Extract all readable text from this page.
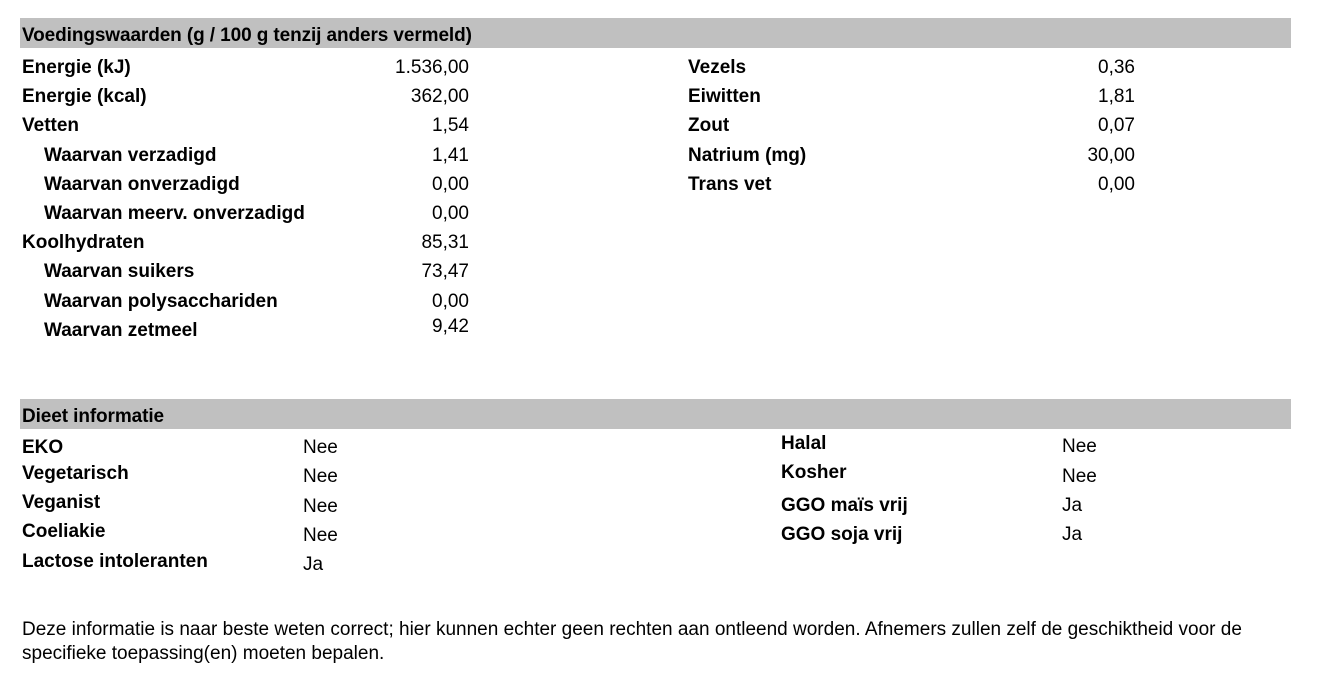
Voedingswaarden (g / 100 g tenzij anders vermeld)
Energie (kJ)	1.536,00
Energie (kcal)	362,00
Vetten	1,54
Waarvan verzadigd	1,41
Waarvan onverzadigd	0,00
Waarvan meerv. onverzadigd	0,00
Koolhydraten	85,31
Waarvan suikers	73,47
Waarvan polysacchariden	0,00
Waarvan zetmeel	9,42
Vezels	0,36
Eiwitten	1,81
Zout	0,07
Natrium (mg)	30,00
Trans vet	0,00
Dieet informatie
EKO	Nee
Vegetarisch	Nee
Veganist	Nee
Coeliakie	Nee
Lactose intoleranten	Ja
Halal	Nee
Kosher	Nee
GGO maïs vrij	Ja
GGO soja vrij	Ja
Deze informatie is naar beste weten correct; hier kunnen echter geen rechten aan ontleend worden. Afnemers zullen zelf de geschiktheid voor de specifieke toepassing(en) moeten bepalen.
